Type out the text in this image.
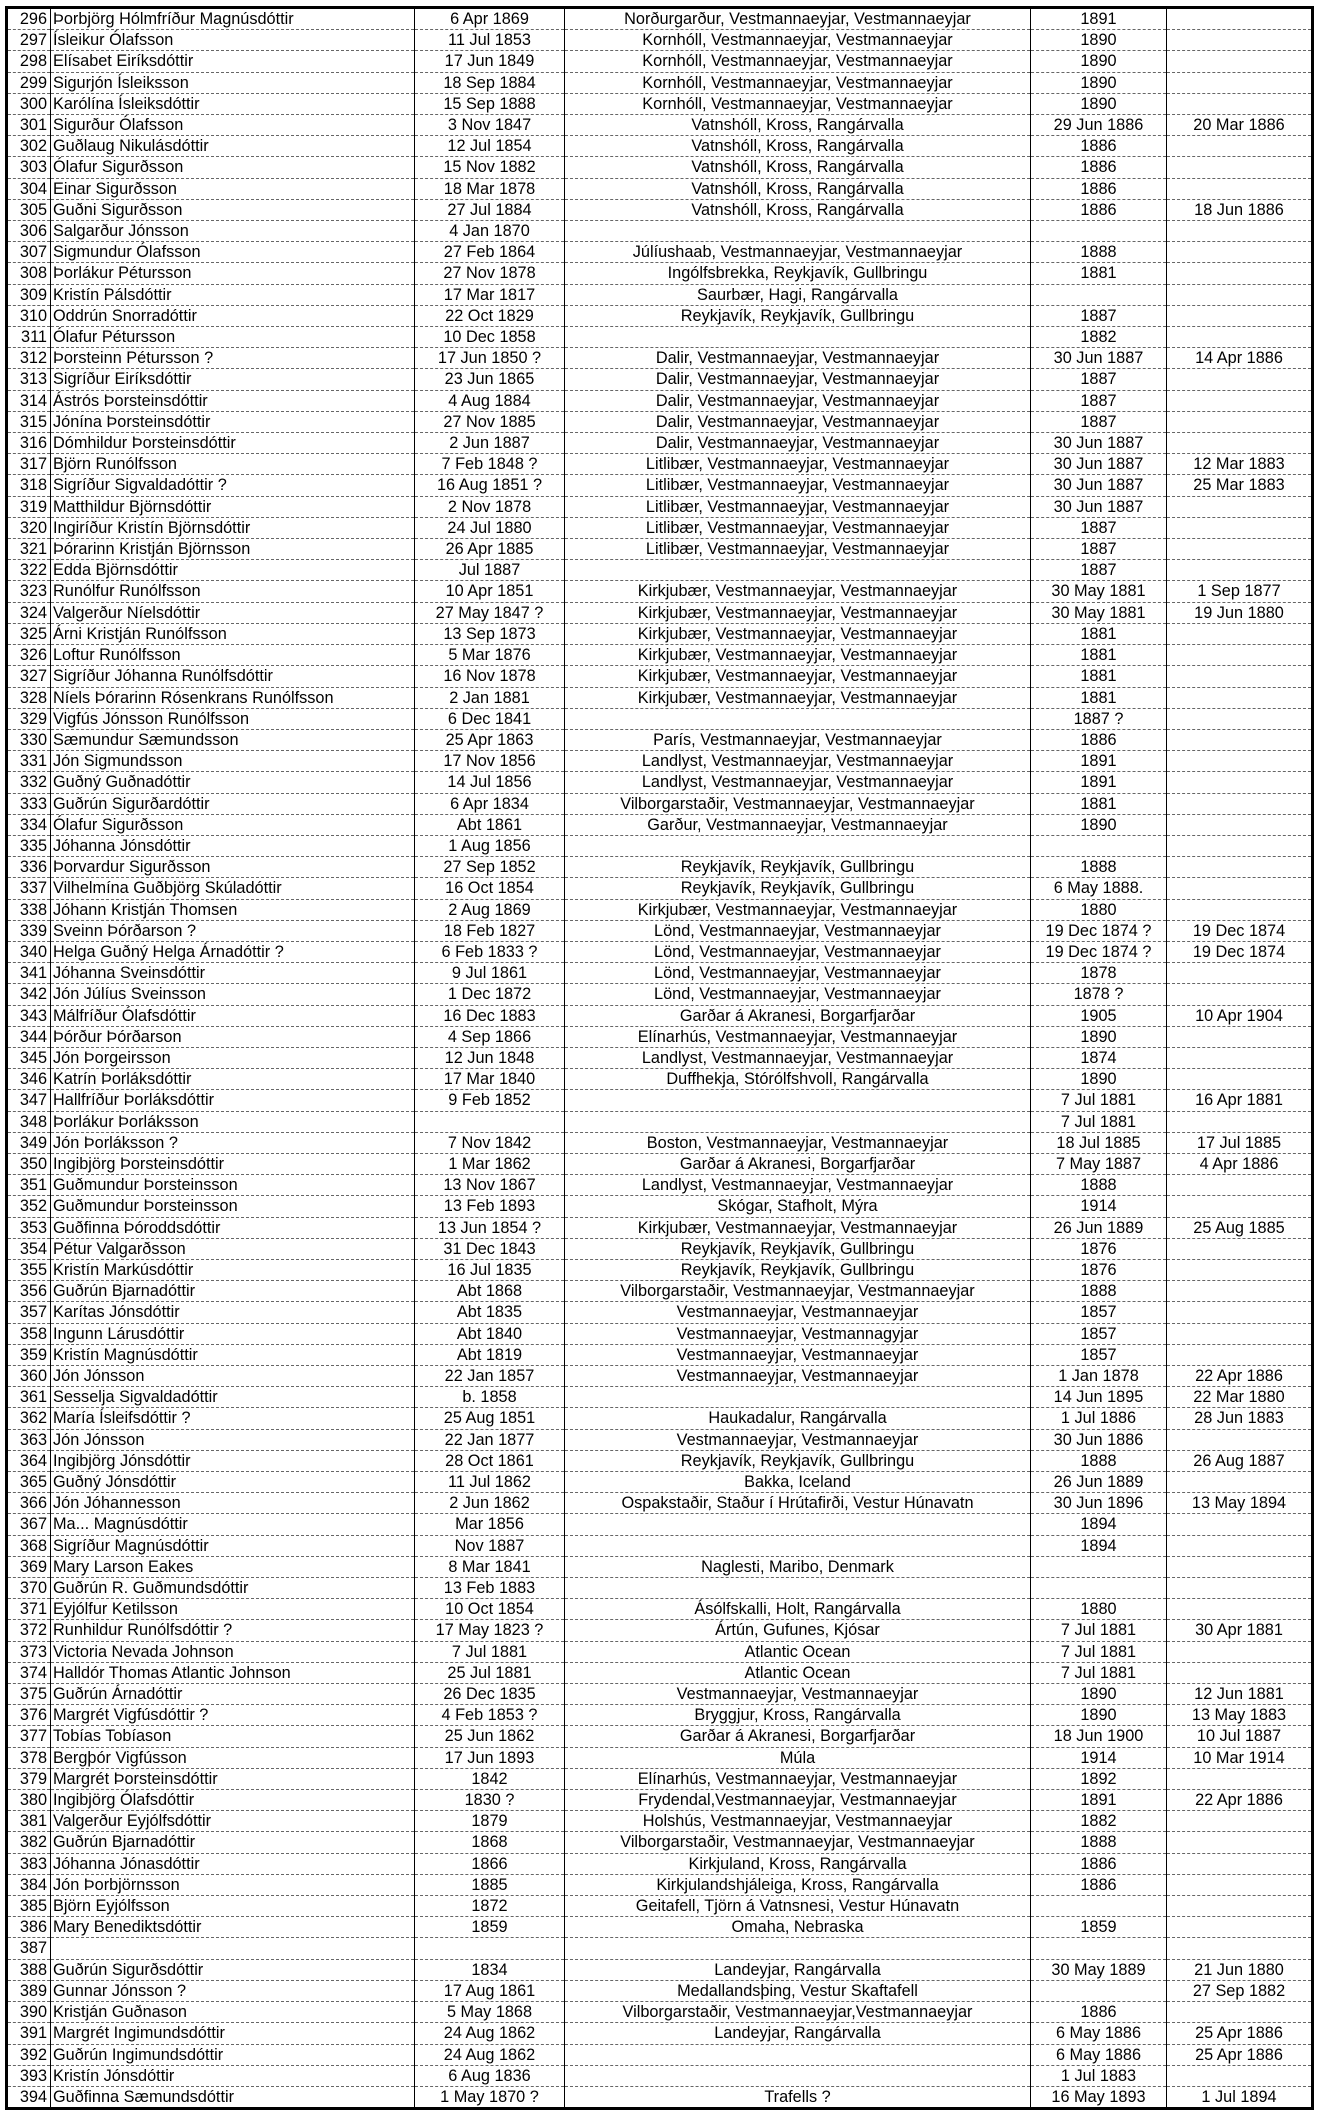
296	Þorbjörg Hólmfríður Magnúsdóttir	6 Apr 1869	Norðurgarður, Vestmannaeyjar, Vestmannaeyjar	1891	
297	Ísleikur Ólafsson	11 Jul 1853	Kornhóll, Vestmannaeyjar, Vestmannaeyjar	1890	
298	Elísabet Eiríksdóttir	17 Jun 1849	Kornhóll, Vestmannaeyjar, Vestmannaeyjar	1890	
299	Sigurjón Ísleiksson	18 Sep 1884	Kornhóll, Vestmannaeyjar, Vestmannaeyjar	1890	
300	Karólína Ísleiksdóttir	15 Sep 1888	Kornhóll, Vestmannaeyjar, Vestmannaeyjar	1890	
301	Sigurður Ólafsson	3 Nov 1847	Vatnshóll, Kross, Rangárvalla	29 Jun 1886	20 Mar 1886
302	Guðlaug Nikulásdóttir	12 Jul 1854	Vatnshóll, Kross, Rangárvalla	1886	
303	Ólafur Sigurðsson	15 Nov 1882	Vatnshóll, Kross, Rangárvalla	1886	
304	Einar Sigurðsson	18 Mar 1878	Vatnshóll, Kross, Rangárvalla	1886	
305	Guðni Sigurðsson	27 Jul 1884	Vatnshóll, Kross, Rangárvalla	1886	18 Jun 1886
306	Salgarður Jónsson	4 Jan 1870			
307	Sigmundur Ólafsson	27 Feb 1864	Júlíushaab, Vestmannaeyjar, Vestmannaeyjar	1888	
308	Þorlákur Pétursson	27 Nov 1878	Ingólfsbrekka, Reykjavík, Gullbringu	1881	
309	Kristín Pálsdóttir	17 Mar 1817	Saurbær, Hagi, Rangárvalla		
310	Oddrún Snorradóttir	22 Oct 1829	Reykjavík, Reykjavík, Gullbringu	1887	
311	Ólafur Pétursson	10 Dec 1858		1882	
312	Þorsteinn Pétursson ?	17 Jun 1850 ?	Dalir, Vestmannaeyjar, Vestmannaeyjar	30 Jun 1887	14 Apr 1886
313	Sigríður Eiríksdóttir	23 Jun 1865	Dalir, Vestmannaeyjar, Vestmannaeyjar	1887	
314	Ástrós Þorsteinsdóttir	4 Aug 1884	Dalir, Vestmannaeyjar, Vestmannaeyjar	1887	
315	Jónína Þorsteinsdóttir	27 Nov 1885	Dalir, Vestmannaeyjar, Vestmannaeyjar	1887	
316	Dómhildur Þorsteinsdóttir	2 Jun 1887	Dalir, Vestmannaeyjar, Vestmannaeyjar	30 Jun 1887	
317	Björn Runólfsson	7 Feb 1848 ?	Litlibær, Vestmannaeyjar, Vestmannaeyjar	30 Jun 1887	12 Mar 1883
318	Sigríður Sigvaldadóttir ?	16 Aug 1851 ?	Litlibær, Vestmannaeyjar, Vestmannaeyjar	30 Jun 1887	25 Mar 1883
319	Matthildur Björnsdóttir	2 Nov 1878	Litlibær, Vestmannaeyjar, Vestmannaeyjar	30 Jun 1887	
320	Ingiríður Kristín Björnsdóttir	24 Jul 1880	Litlibær, Vestmannaeyjar, Vestmannaeyjar	1887	
321	Þórarinn Kristján Björnsson	26 Apr 1885	Litlibær, Vestmannaeyjar, Vestmannaeyjar	1887	
322	Edda Björnsdóttir	Jul 1887		1887	
323	Runólfur Runólfsson	10 Apr 1851	Kirkjubær, Vestmannaeyjar, Vestmannaeyjar	30 May 1881	1 Sep 1877
324	Valgerður Níelsdóttir	27 May 1847 ?	Kirkjubær, Vestmannaeyjar, Vestmannaeyjar	30 May 1881	19 Jun 1880
325	Árni Kristján Runólfsson	13 Sep 1873	Kirkjubær, Vestmannaeyjar, Vestmannaeyjar	1881	
326	Loftur Runólfsson	5 Mar 1876	Kirkjubær, Vestmannaeyjar, Vestmannaeyjar	1881	
327	Sigríður Jóhanna Runólfsdóttir	16 Nov 1878	Kirkjubær, Vestmannaeyjar, Vestmannaeyjar	1881	
328	Níels Þórarinn Rósenkrans Runólfsson	2 Jan 1881	Kirkjubær, Vestmannaeyjar, Vestmannaeyjar	1881	
329	Vigfús Jónsson Runólfsson	6 Dec 1841		1887 ?	
330	Sæmundur Sæmundsson	25 Apr 1863	París, Vestmannaeyjar, Vestmannaeyjar	1886	
331	Jón Sigmundsson	17 Nov 1856	Landlyst, Vestmannaeyjar, Vestmannaeyjar	1891	
332	Guðný Guðnadóttir	14 Jul 1856	Landlyst, Vestmannaeyjar, Vestmannaeyjar	1891	
333	Guðrún Sigurðardóttir	6 Apr 1834	Vilborgarstaðir, Vestmannaeyjar, Vestmannaeyjar	1881	
334	Ólafur Sigurðsson	Abt 1861	Garður, Vestmannaeyjar, Vestmannaeyjar	1890	
335	Jóhanna Jónsdóttir	1 Aug 1856			
336	Þorvardur Sigurðsson	27 Sep 1852	Reykjavík, Reykjavík, Gullbringu	1888	
337	Vilhelmína Guðbjörg Skúladóttir	16 Oct 1854	Reykjavík, Reykjavík, Gullbringu	6 May 1888.	
338	Jóhann Kristján Thomsen	2 Aug 1869	Kirkjubær, Vestmannaeyjar, Vestmannaeyjar	1880	
339	Sveinn Þórðarson ?	18 Feb 1827	Lönd, Vestmannaeyjar, Vestmannaeyjar	19 Dec 1874 ?	19 Dec 1874
340	Helga Guðný Helga Árnadóttir ?	6 Feb 1833 ?	Lönd, Vestmannaeyjar, Vestmannaeyjar	19 Dec 1874 ?	19 Dec 1874
341	Jóhanna Sveinsdóttir	9 Jul 1861	Lönd, Vestmannaeyjar, Vestmannaeyjar	1878	
342	Jón Júlíus Sveinsson	1 Dec 1872	Lönd, Vestmannaeyjar, Vestmannaeyjar	1878 ?	
343	Málfríður Ólafsdóttir	16 Dec 1883	Garðar á Akranesi, Borgarfjarðar	1905	10 Apr 1904
344	Þórður Þórðarson	4 Sep 1866	Elínarhús, Vestmannaeyjar, Vestmannaeyjar	1890	
345	Jón Þorgeirsson	12 Jun 1848	Landlyst, Vestmannaeyjar, Vestmannaeyjar	1874	
346	Katrín Þorláksdóttir	17 Mar 1840	Duffhekja, Stórólfshvoll, Rangárvalla	1890	
347	Hallfríður Þorláksdóttir	9 Feb 1852		7 Jul 1881	16 Apr 1881
348	Þorlákur Þorláksson			7 Jul 1881	
349	Jón Þorláksson ?	7 Nov 1842	Boston, Vestmannaeyjar, Vestmannaeyjar	18 Jul 1885	17 Jul 1885
350	Ingibjörg Þorsteinsdóttir	1 Mar 1862	Garðar á Akranesi, Borgarfjarðar	7 May 1887	4 Apr 1886
351	Guðmundur Þorsteinsson	13 Nov 1867	Landlyst, Vestmannaeyjar, Vestmannaeyjar	1888	
352	Guðmundur Þorsteinsson	13 Feb 1893	Skógar, Stafholt, Mýra	1914	
353	Guðfinna Þóroddsdóttir	13 Jun 1854 ?	Kirkjubær, Vestmannaeyjar, Vestmannaeyjar	26 Jun 1889	25 Aug 1885
354	Pétur Valgarðsson	31 Dec 1843	Reykjavík, Reykjavík, Gullbringu	1876	
355	Kristín Markúsdóttir	16 Jul 1835	Reykjavík, Reykjavík, Gullbringu	1876	
356	Guðrún Bjarnadóttir	Abt 1868	Vilborgarstaðir, Vestmannaeyjar, Vestmannaeyjar	1888	
357	Karítas Jónsdóttir	Abt 1835	Vestmannaeyjar, Vestmannaeyjar	1857	
358	Ingunn Lárusdóttir	Abt 1840	Vestmannaeyjar, Vestmannagyjar	1857	
359	Kristín Magnúsdóttir	Abt 1819	Vestmannaeyjar, Vestmannaeyjar	1857	
360	Jón Jónsson	22 Jan 1857	Vestmannaeyjar, Vestmannaeyjar	1 Jan 1878	22 Apr 1886
361	Sesselja Sigvaldadóttir	b. 1858		14 Jun 1895	22 Mar 1880
362	María Ísleifsdóttir ?	25 Aug 1851	Haukadalur, Rangárvalla	1 Jul 1886	28 Jun 1883
363	Jón Jónsson	22 Jan 1877	Vestmannaeyjar, Vestmannaeyjar	30 Jun 1886	
364	Ingibjörg Jónsdóttir	28 Oct 1861	Reykjavík, Reykjavík, Gullbringu	1888	26 Aug 1887
365	Guðný Jónsdóttir	11 Jul 1862	Bakka, Iceland	26 Jun 1889	
366	Jón Jóhannesson	2 Jun 1862	Ospakstaðir, Staður í Hrútafirði, Vestur Húnavatn	30 Jun 1896	13 May 1894
367	Ma... Magnúsdóttir	Mar 1856		1894	
368	Sigríður Magnúsdóttir	Nov 1887		1894	
369	Mary Larson Eakes	8 Mar 1841	Naglesti, Maribo, Denmark		
370	Guðrún R. Guðmundsdóttir	13 Feb 1883			
371	Eyjólfur Ketilsson	10 Oct 1854	Ásólfskalli, Holt, Rangárvalla	1880	
372	Runhildur Runólfsdóttir ?	17 May 1823 ?	Ártún, Gufunes, Kjósar	7 Jul 1881	30 Apr 1881
373	Victoria Nevada Johnson	7 Jul 1881	Atlantic Ocean	7 Jul 1881	
374	Halldór Thomas Atlantic Johnson	25 Jul 1881	Atlantic Ocean	7 Jul 1881	
375	Guðrún Árnadóttir	26 Dec 1835	Vestmannaeyjar, Vestmannaeyjar	1890	12 Jun 1881
376	Margrét Vigfúsdóttir ?	4 Feb 1853 ?	Bryggjur, Kross, Rangárvalla	1890	13 May 1883
377	Tobías Tobíason	25 Jun 1862	Garðar á Akranesi, Borgarfjarðar	18 Jun 1900	10 Jul 1887
378	Bergþór Vigfússon	17 Jun 1893	Múla	1914	10 Mar 1914
379	Margrét Þorsteinsdóttir	1842	Elínarhús, Vestmannaeyjar, Vestmannaeyjar	1892	
380	Ingibjörg Ólafsdóttir	1830 ?	Frydendal,Vestmannaeyjar, Vestmannaeyjar	1891	22 Apr 1886
381	Valgerður Eyjólfsdóttir	1879	Holshús, Vestmannaeyjar, Vestmannaeyjar	1882	
382	Guðrún Bjarnadóttir	1868	Vilborgarstaðir, Vestmannaeyjar, Vestmannaeyjar	1888	
383	Jóhanna Jónasdóttir	1866	Kirkjuland, Kross, Rangárvalla	1886	
384	Jón Þorbjörnsson	1885	Kirkjulandshjáleiga, Kross, Rangárvalla	1886	
385	Björn Eyjólfsson	1872	Geitafell, Tjörn á Vatnsnesi, Vestur Húnavatn		
386	Mary Benediktsdóttir	1859	Omaha, Nebraska	1859	
387					
388	Guðrún Sigurðsdóttir	1834	Landeyjar, Rangárvalla	30 May 1889	21 Jun 1880
389	Gunnar Jónsson ?	17 Aug 1861	Medallandsþing, Vestur Skaftafell		27 Sep 1882
390	Kristján Guðnason	5 May 1868	Vilborgarstaðir, Vestmannaeyjar,Vestmannaeyjar	1886	
391	Margrét Ingimundsdóttir	24 Aug 1862	Landeyjar, Rangárvalla	6 May 1886	25 Apr 1886
392	Guðrún Ingimundsdóttir	24 Aug 1862		6 May 1886	25 Apr 1886
393	Kristín Jónsdóttir	6 Aug 1836		1 Jul 1883	
394	Guðfinna Sæmundsdóttir	1 May 1870 ?	Trafells ?	16 May 1893	1 Jul 1894
